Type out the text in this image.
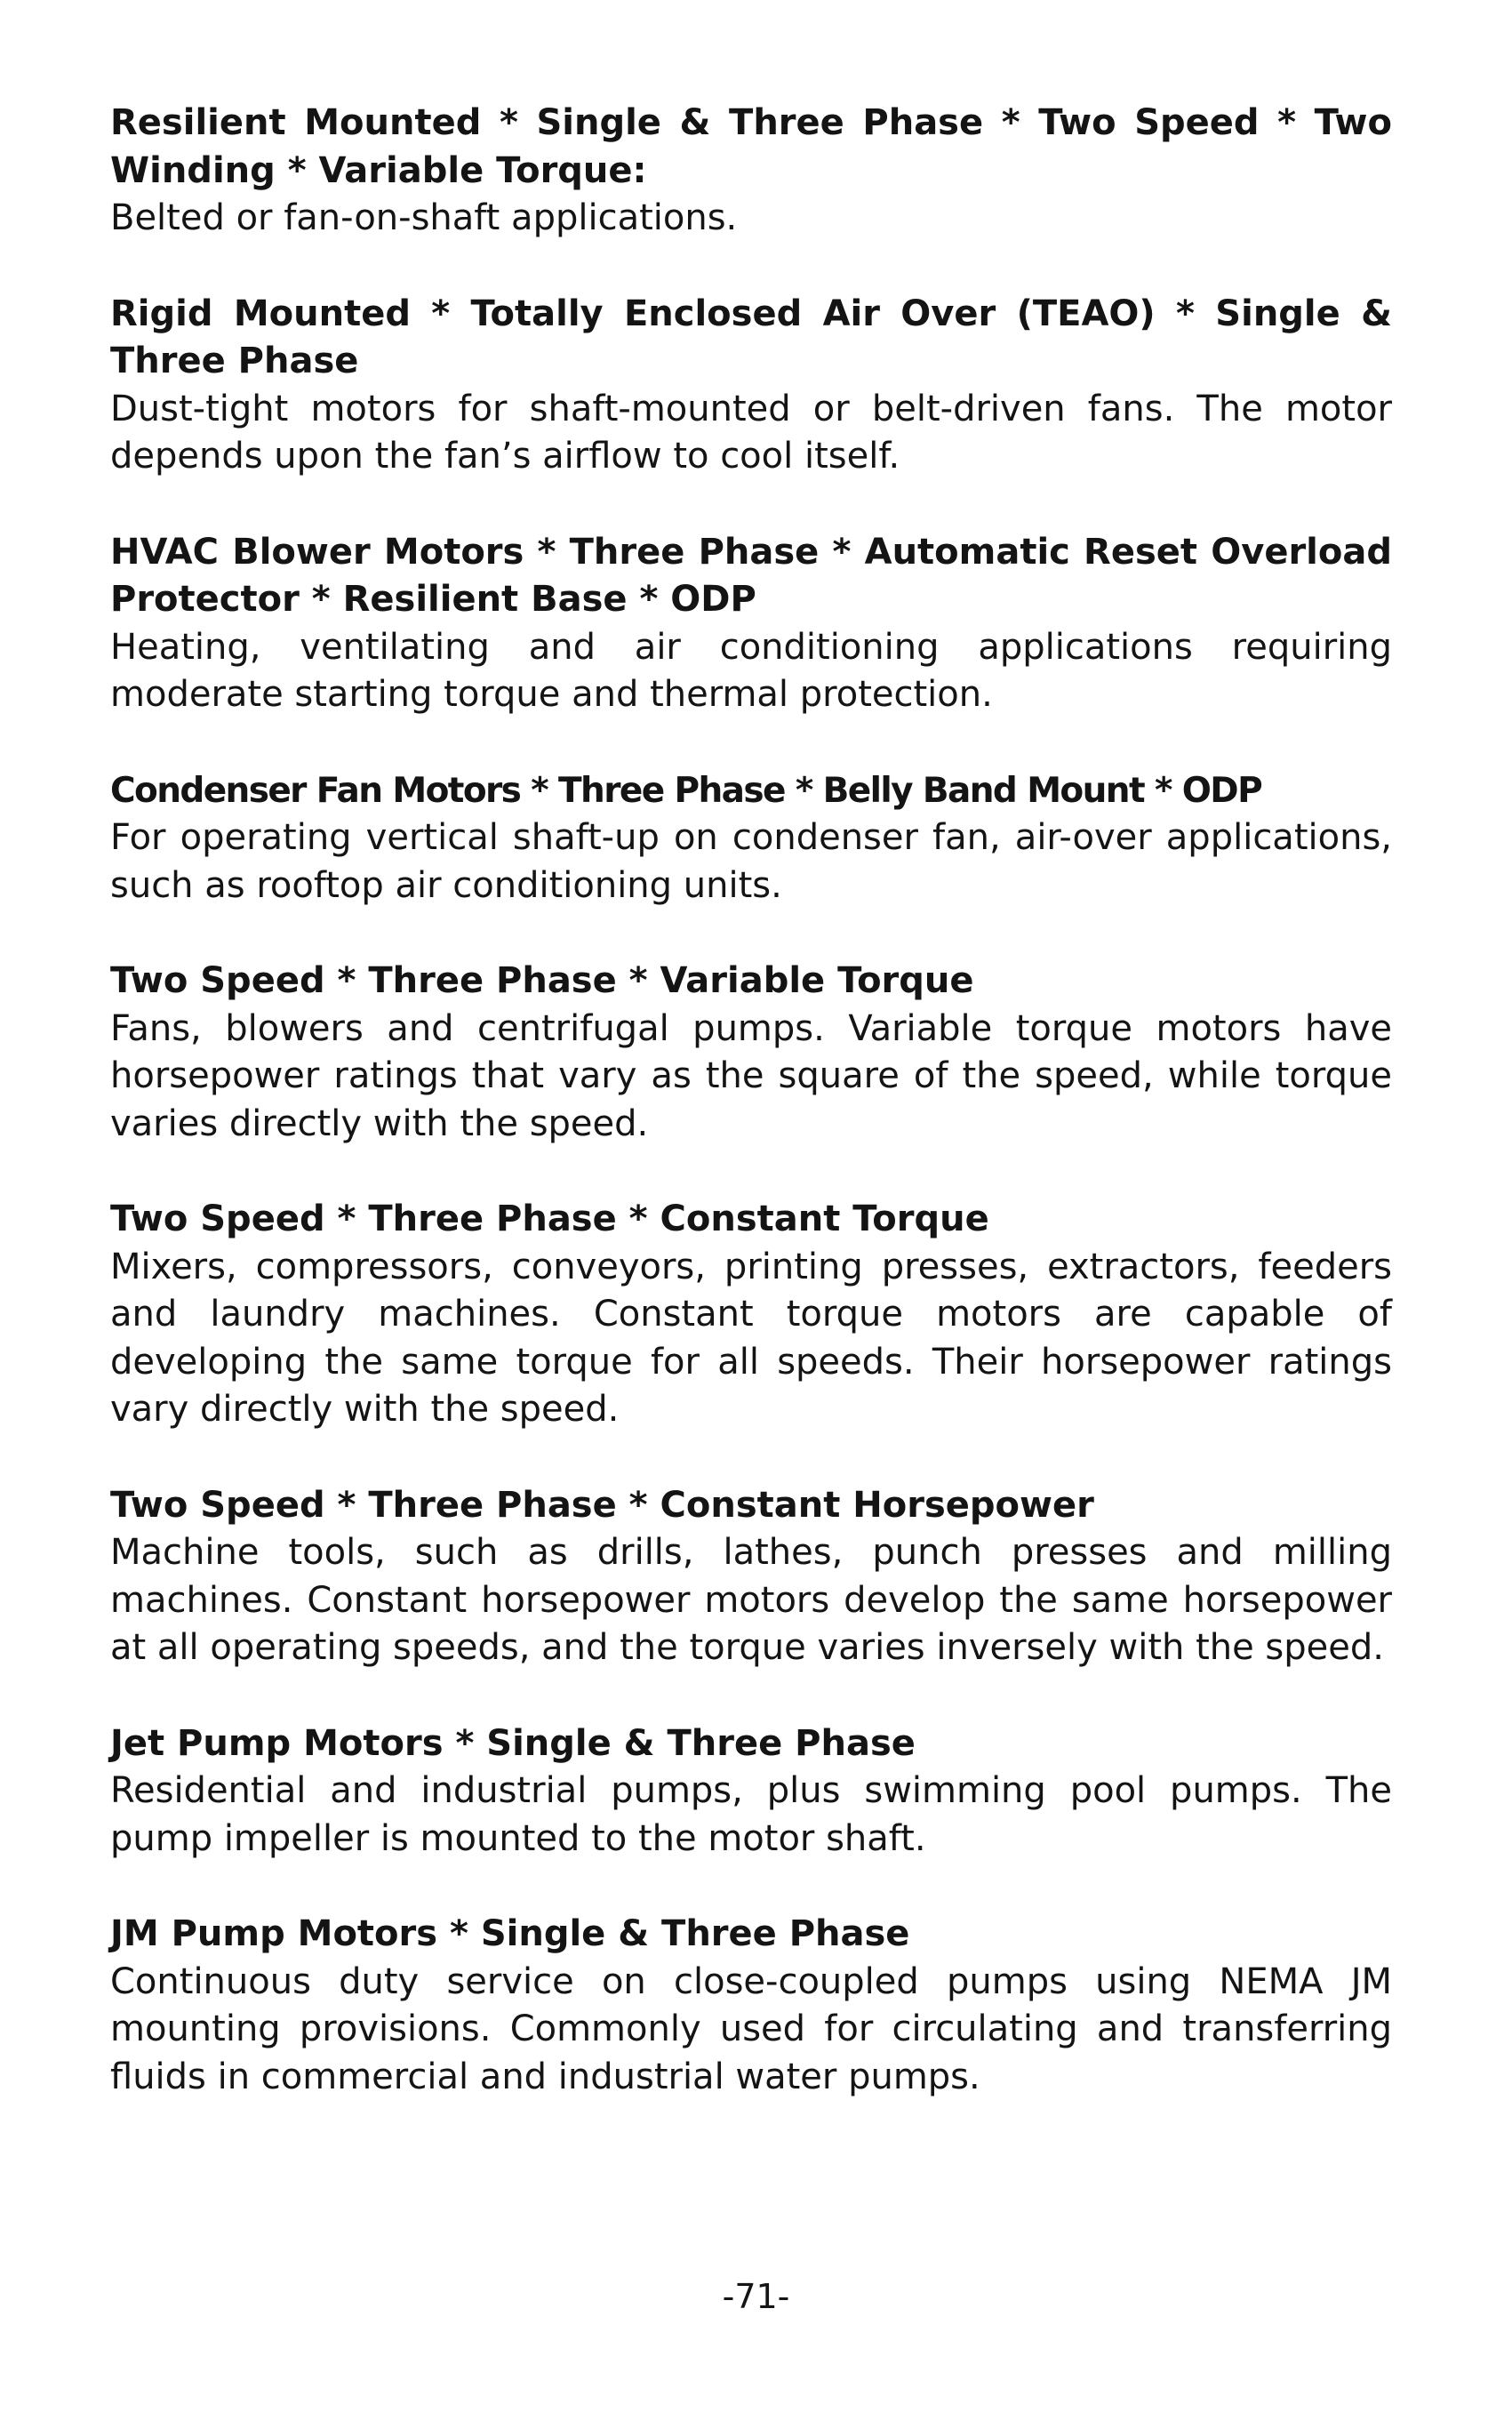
Resilient Mounted * Single & Three Phase * Two Speed * Two Winding * Variable Torque:

Belted or fan-on-shaft applications.

Rigid Mounted * Totally Enclosed Air Over (TEAO) * Single & Three Phase

Dust-tight motors for shaft-mounted or belt-driven fans. The motor depends upon the fan’s airflow to cool itself.

HVAC Blower Motors * Three Phase * Automatic Reset Overload Protector * Resilient Base * ODP

Heating, ventilating and air conditioning applications requiring moderate starting torque and thermal protection.

Condenser Fan Motors * Three Phase * Belly Band Mount * ODP

For operating vertical shaft-up on condenser fan, air-over applications, such as rooftop air conditioning units.

Two Speed * Three Phase * Variable Torque

Fans, blowers and centrifugal pumps. Variable torque motors have horsepower ratings that vary as the square of the speed, while torque varies directly with the speed.

Two Speed * Three Phase * Constant Torque

Mixers, compressors, conveyors, printing presses, extractors, feeders and laundry machines. Constant torque motors are capable of developing the same torque for all speeds. Their horsepower ratings vary directly with the speed.

Two Speed * Three Phase * Constant Horsepower

Machine tools, such as drills, lathes, punch presses and milling machines. Constant horsepower motors develop the same horsepower at all operating speeds, and the torque varies inversely with the speed.

Jet Pump Motors * Single & Three Phase

Residential and industrial pumps, plus swimming pool pumps. The pump impeller is mounted to the motor shaft.

JM Pump Motors * Single & Three Phase

Continuous duty service on close-coupled pumps using NEMA JM mounting provisions. Commonly used for circulating and transferring fluids in commercial and industrial water pumps.

-71-
